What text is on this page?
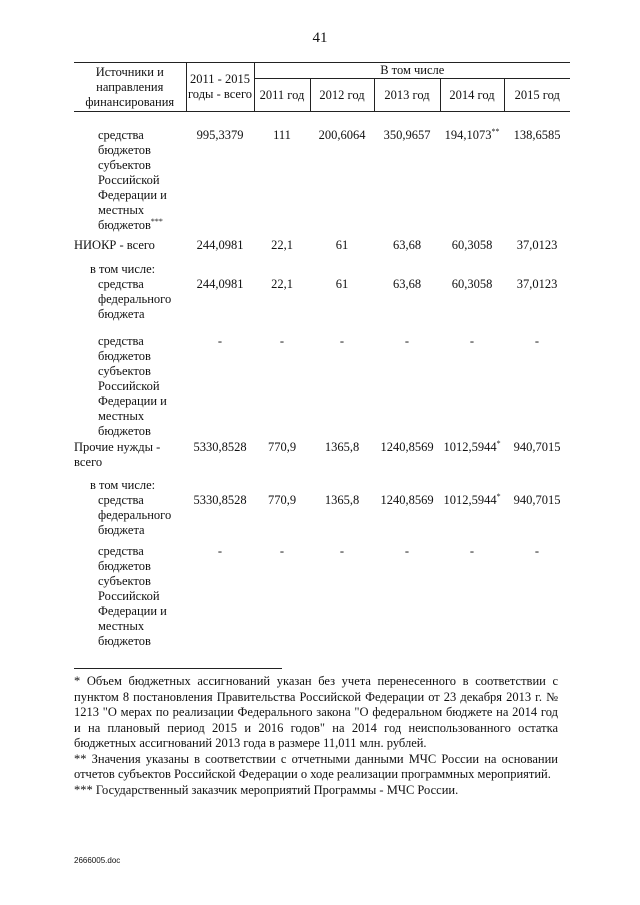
41
Источники и направления финансирования	2011 - 2015 годы - всего	В том числе				
		2011 год	2012 год	2013 год	2014 год	2015 год

средства бюджетов субъектов Российской Федерации и местных бюджетов***	995,3379	111	200,6064	350,9657	194,1073**	138,6585
НИОКР - всего	244,0981	22,1	61	63,68	60,3058	37,0123

в том числе:
средства федерального бюджета	244,0981	22,1	61	63,68	60,3058	37,0123
средства бюджетов субъектов Российской Федерации и местных бюджетов	-	-	-	-	-	-
Прочие нужды - всего	5330,8528	770,9	1365,8	1240,8569	1012,5944*	940,7015

в том числе:
средства федерального бюджета	5330,8528	770,9	1365,8	1240,8569	1012,5944*	940,7015
средства бюджетов субъектов Российской Федерации и местных бюджетов	-	-	-	-	-	-

* Объем бюджетных ассигнований указан без учета перенесенного в соответствии с пунктом 8 постановления Правительства Российской Федерации от 23 декабря 2013 г. № 1213 "О мерах по реализации Федерального закона "О федеральном бюджете на 2014 год и на плановый период 2015 и 2016 годов" на 2014 год неиспользованного остатка бюджетных ассигнований 2013 года в размере 11,011 млн. рублей.

** Значения указаны в соответствии с отчетными данными МЧС России на основании отчетов субъектов Российской Федерации о ходе реализации программных мероприятий.

*** Государственный заказчик мероприятий Программы - МЧС России.

2666005.doc
